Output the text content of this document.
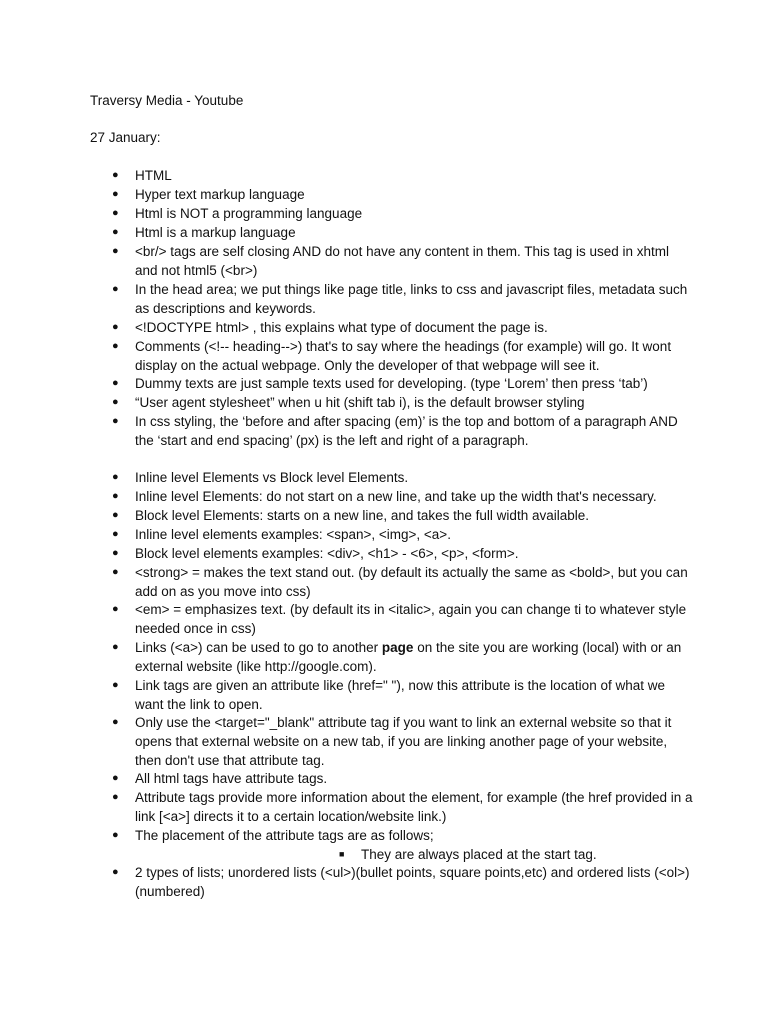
Traversy Media - Youtube
27 January:
●	HTML
●	Hyper text markup language
●	Html is NOT a programming language
●	Html is a markup language
●	<br/> tags are self closing AND do not have any content in them. This tag is used in xhtml and not html5 (<br>)
●	In the head area; we put things like page title, links to css and javascript files, metadata such as descriptions and keywords.
●	<!DOCTYPE html> , this explains what type of document the page is.
●	Comments (<!-- heading-->) that's to say where the headings (for example) will go. It wont display on the actual webpage. Only the developer of that webpage will see it.
●	Dummy texts are just sample texts used for developing. (type ‘Lorem’ then press ‘tab’)
●	“User agent stylesheet” when u hit (shift tab i), is the default browser styling
●	In css styling, the ‘before and after spacing (em)’ is the top and bottom of a paragraph AND the ‘start and end spacing’ (px) is the left and right of a paragraph.
●	Inline level Elements vs Block level Elements.
●	Inline level Elements: do not start on a new line, and take up the width that's necessary.
●	Block level Elements: starts on a new line, and takes the full width available.
●	Inline level elements examples: <span>, <img>, <a>.
●	Block level elements examples: <div>, <h1> - <6>, <p>, <form>.
●	<strong> = makes the text stand out. (by default its actually the same as <bold>, but you can add on as you move into css)
●	<em> = emphasizes text. (by default its in <italic>, again you can change ti to whatever style needed once in css)
●	Links (<a>) can be used to go to another page on the site you are working (local) with or an external website (like http://google.com).
●	Link tags are given an attribute like (href=" "), now this attribute is the location of what we want the link to open.
●	Only use the <target="_blank" attribute tag if you want to link an external website so that it opens that external website on a new tab, if you are linking another page of your website, then don't use that attribute tag.
●	All html tags have attribute tags.
●	Attribute tags provide more information about the element, for example (the href provided in a link [<a>] directs it to a certain location/website link.)
●	The placement of the attribute tags are as follows;
■	They are always placed at the start tag.
●	2 types of lists; unordered lists (<ul>)(bullet points, square points,etc) and ordered lists (<ol>)(numbered)
